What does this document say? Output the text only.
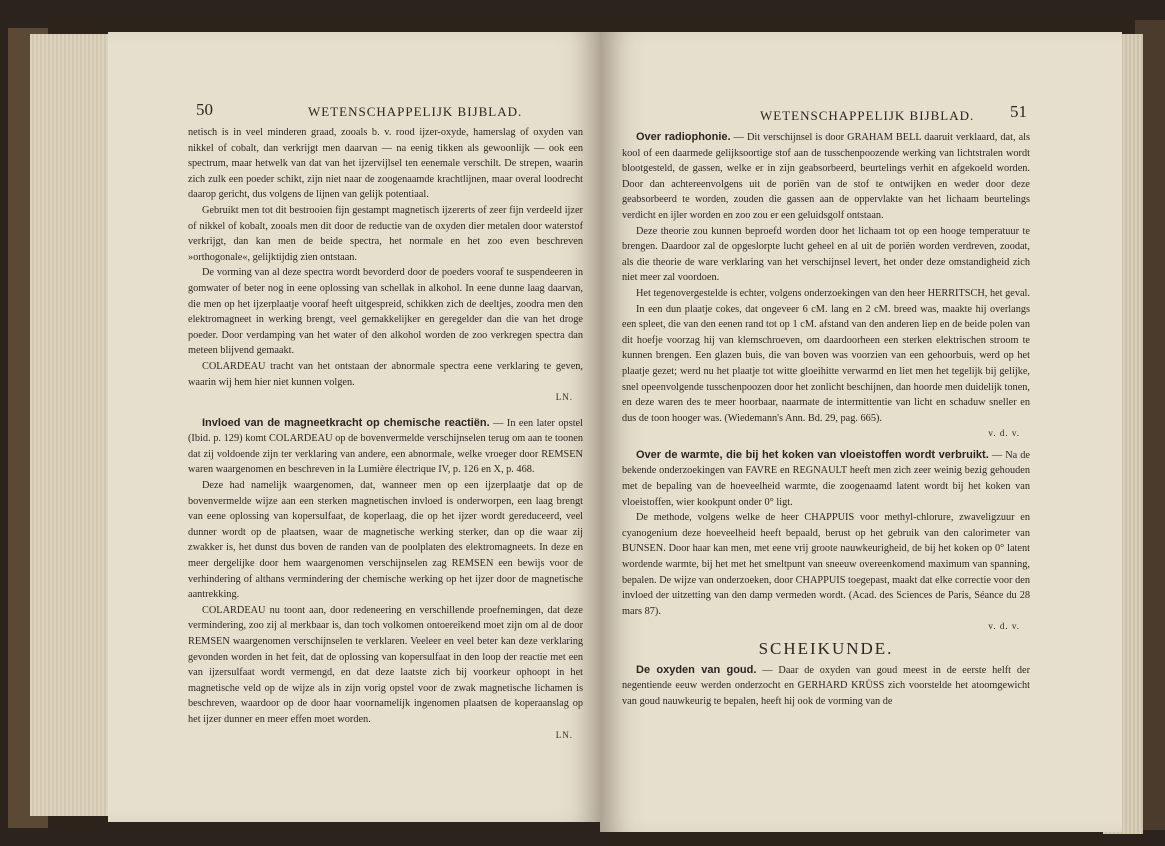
50	WETENSCHAPPELIJK BIJBLAD.

netisch is in veel minderen graad, zooals b. v. rood ijzer-oxyde, hamerslag of oxyden van nikkel of cobalt, dan verkrijgt men daarvan — na eenig tikken als gewoonlijk — ook een spectrum, maar hetwelk van dat van het ijzervijlsel ten eenemale verschilt. De strepen, waarin zich zulk een poeder schikt, zijn niet naar de zoogenaamde krachtlijnen, maar overal loodrecht daarop gericht, dus volgens de lijnen van gelijk potentiaal.

Gebruikt men tot dit bestrooien fijn gestampt magnetisch ijzererts of zeer fijn verdeeld ijzer of nikkel of kobalt, zooals men dit door de reductie van de oxyden dier metalen door waterstof verkrijgt, dan kan men de beide spectra, het normale en het zoo even beschreven »orthogonale«, gelijktijdig zien ontstaan.

De vorming van al deze spectra wordt bevorderd door de poeders vooraf te suspendeeren in gomwater of beter nog in eene oplossing van schellak in alkohol. In eene dunne laag daarvan, die men op het ijzerplaatje vooraf heeft uitgespreid, schikken zich de deeltjes, zoodra men den elektromagneet in werking brengt, veel gemakkelijker en geregelder dan die van het droge poeder. Door verdamping van het water of den alkohol worden de zoo verkregen spectra dan meteen blijvend gemaakt.

COLARDEAU tracht van het ontstaan der abnormale spectra eene verklaring te geven, waarin wij hem hier niet kunnen volgen.

LN.

Invloed van de magneetkracht op chemische reactiën. — In een later opstel (Ibid. p. 129) komt COLARDEAU op de bovenvermelde verschijnselen terug om aan te toonen dat zij voldoende zijn ter verklaring van andere, een abnormale, welke vroeger door REMSEN waren waargenomen en beschreven in la Lumière électrique IV, p. 126 en X, p. 468.

Deze had namelijk waargenomen, dat, wanneer men op een ijzerplaatje dat op de bovenvermelde wijze aan een sterken magnetischen invloed is onderworpen, een laag brengt van eene oplossing van kopersulfaat, de koperlaag, die op het ijzer wordt gereduceerd, veel dunner wordt op de plaatsen, waar de magnetische werking sterker, dan op die waar zij zwakker is, het dunst dus boven de randen van de poolplaten des elektromagneets. In deze en meer dergelijke door hem waargenomen verschijnselen zag REMSEN een bewijs voor de verhindering of althans vermindering der chemische werking op het ijzer door de magnetische aantrekking.

COLARDEAU nu toont aan, door redeneering en verschillende proefnemingen, dat deze vermindering, zoo zij al merkbaar is, dan toch volkomen ontoereikend moet zijn om al de door REMSEN waargenomen verschijnselen te verklaren. Veeleer en veel beter kan deze verklaring gevonden worden in het feit, dat de oplossing van kopersulfaat in den loop der reactie met een van ijzersulfaat wordt vermengd, en dat deze laatste zich bij voorkeur ophoopt in het magnetische veld op de wijze als in zijn vorig opstel voor de zwak magnetische lichamen is beschreven, waardoor op de door haar voornamelijk ingenomen plaatsen de koperaanslag op het ijzer dunner en meer effen moet worden.

LN.
WETENSCHAPPELIJK BIJBLAD. 51

Over radiophonie. — Dit verschijnsel is door GRAHAM BELL daaruit verklaard, dat, als kool of een daarmede gelijksoortige stof aan de tusschenpoozende werking van lichtstralen wordt blootgesteld, de gassen, welke er in zijn geabsorbeerd, beurtelings verhit en afgekoeld worden. Door dan achtereenvolgens uit de poriën van de stof te ontwijken en weder door deze geabsorbeerd te worden, zouden die gassen aan de oppervlakte van het lichaam beurtelings verdicht en ijler worden en zoo zou er een geluidsgolf ontstaan.

Deze theorie zou kunnen beproefd worden door het lichaam tot op een hooge temperatuur te brengen. Daardoor zal de opgeslorpte lucht geheel en al uit de poriën worden verdreven, zoodat, als die theorie de ware verklaring van het verschijnsel levert, het onder deze omstandigheid zich niet meer zal voordoen.

Het tegenovergestelde is echter, volgens onderzoekingen van den heer HERRITSCH, het geval.

In een dun plaatje cokes, dat ongeveer 6 cM. lang en 2 cM. breed was, maakte hij overlangs een spleet, die van den eenen rand tot op 1 cM. afstand van den anderen liep en de beide polen van dit hoefje voorzag hij van klemschroeven, om daardoorheen een sterken elektrischen stroom te kunnen brengen. Een glazen buis, die van boven was voorzien van een gehoorbuis, werd op het plaatje gezet; werd nu het plaatje tot witte gloeihitte verwarmd en liet men het tegelijk bij gelijke, snel opeenvolgende tusschenpoozen door het zonlicht beschijnen, dan hoorde men duidelijk tonen, en deze waren des te meer hoorbaar, naarmate de intermittentie van licht en schaduw sneller en dus de toon hooger was. (Wiedemann's Ann. Bd. 29, pag. 665).

v. d. v.

Over de warmte, die bij het koken van vloeistoffen wordt verbruikt. — Na de bekende onderzoekingen van FAVRE en REGNAULT heeft men zich zeer weinig bezig gehouden met de bepaling van de hoeveelheid warmte, die zoogenaamd latent wordt bij het koken van vloeistoffen, wier kookpunt onder 0° ligt.

De methode, volgens welke de heer CHAPPUIS voor methyl-chlorure, zwaveligzuur en cyanogenium deze hoeveelheid heeft bepaald, berust op het gebruik van den calorimeter van BUNSEN. Door haar kan men, met eene vrij groote nauwkeurigheid, de bij het koken op 0° latent wordende warmte, bij het met het smeltpunt van sneeuw overeenkomend maximum van spanning, bepalen. De wijze van onderzoeken, door CHAPPUIS toegepast, maakt dat elke correctie voor den invloed der uitzetting van den damp vermeden wordt. (Acad. des Sciences de Paris, Séance du 28 mars 87).

v. d. v.
SCHEIKUNDE.

De oxyden van goud. — Daar de oxyden van goud meest in de eerste helft der negentiende eeuw werden onderzocht en GERHARD KRÜSS zich voorstelde het atoomgewicht van goud nauwkeurig te bepalen, heeft hij ook de vorming van de
